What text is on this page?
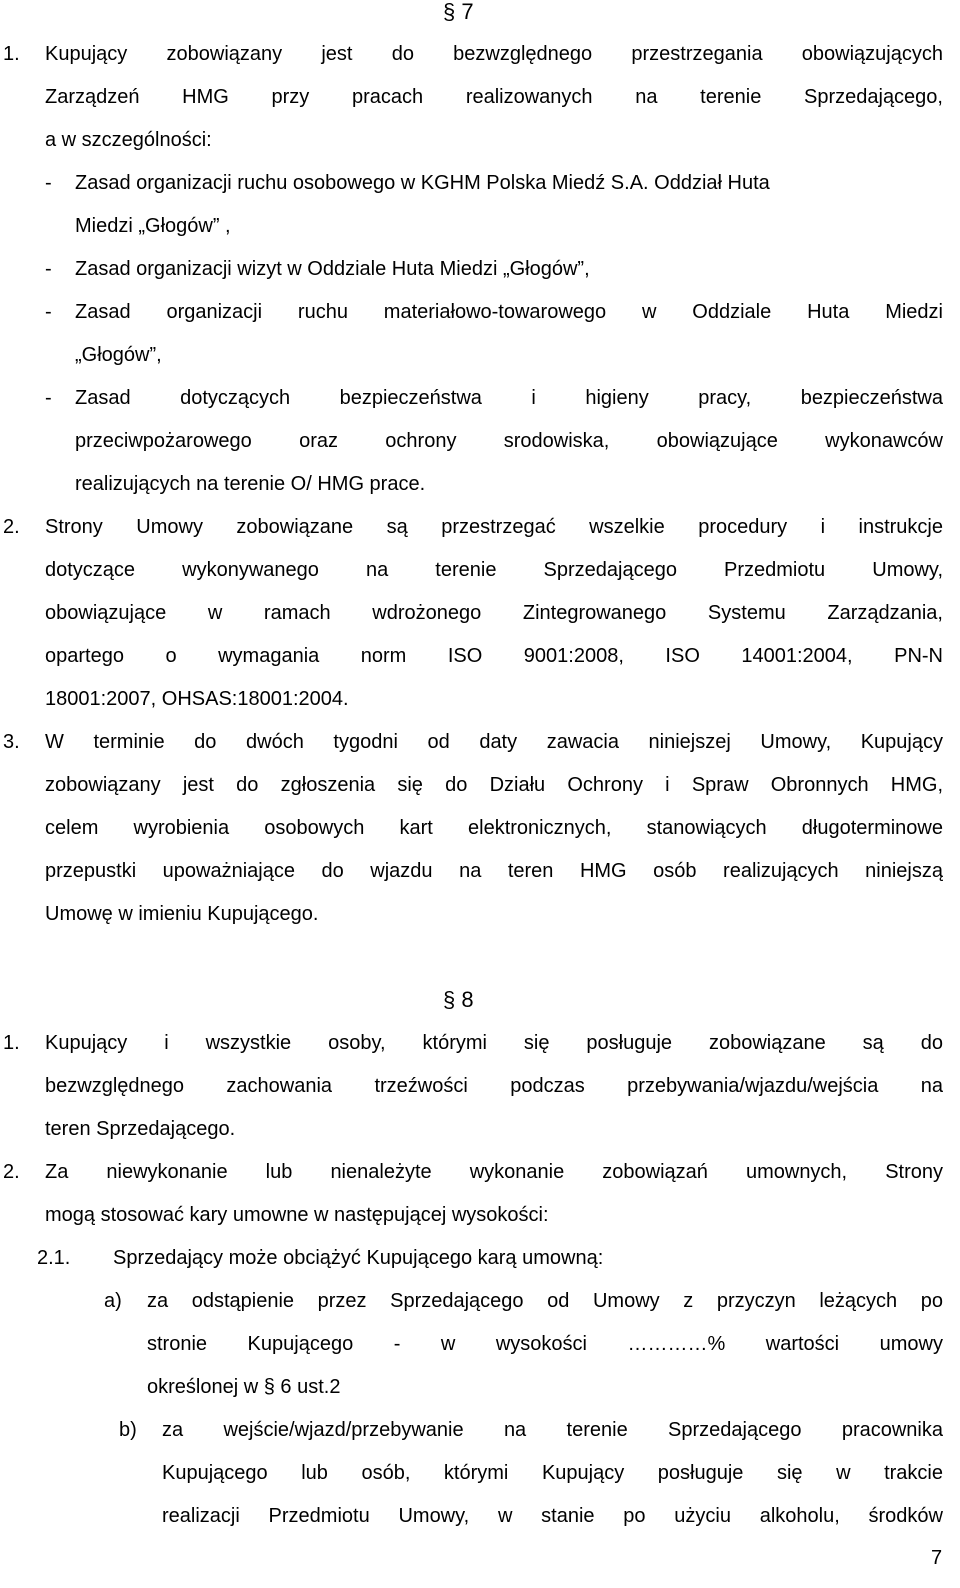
§ 7
1. Kupujący zobowiązany jest do bezwzględnego przestrzegania obowiązujących
Zarządzeń HMG przy pracach realizowanych na terenie Sprzedającego,
a w szczególności:
- Zasad organizacji ruchu osobowego w KGHM Polska Miedź S.A. Oddział Huta
Miedzi „Głogów” ,
- Zasad organizacji wizyt w Oddziale Huta Miedzi „Głogów”,
- Zasad organizacji ruchu materiałowo-towarowego w Oddziale Huta Miedzi
„Głogów”,
- Zasad dotyczących bezpieczeństwa i higieny pracy, bezpieczeństwa
przeciwpożarowego oraz ochrony srodowiska, obowiązujące wykonawców
realizujących na terenie O/ HMG prace.
2. Strony Umowy zobowiązane są przestrzegać wszelkie procedury i instrukcje
dotyczące wykonywanego na terenie Sprzedającego Przedmiotu Umowy,
obowiązujące w ramach wdrożonego Zintegrowanego Systemu Zarządzania,
opartego o wymagania norm ISO 9001:2008, ISO 14001:2004, PN-N
18001:2007, OHSAS:18001:2004.
3. W terminie do dwóch tygodni od daty zawacia niniejszej Umowy, Kupujący
zobowiązany jest do zgłoszenia się do Działu Ochrony i Spraw Obronnych HMG,
celem wyrobienia osobowych kart elektronicznych, stanowiących długoterminowe
przepustki upoważniające do wjazdu na teren HMG osób realizujących niniejszą
Umowę w imieniu Kupującego.
§ 8
1. Kupujący i wszystkie osoby, którymi się posługuje zobowiązane są do
bezwzględnego zachowania trzeźwości podczas przebywania/wjazdu/wejścia na
teren Sprzedającego.
2. Za niewykonanie lub nienależyte wykonanie zobowiązań umownych, Strony
mogą stosować kary umowne w następującej wysokości:
2.1. Sprzedający może obciążyć Kupującego karą umowną:
a) za odstąpienie przez Sprzedającego od Umowy z przyczyn leżących po
stronie Kupującego - w wysokości …………% wartości umowy
określonej w § 6 ust.2
b) za wejście/wjazd/przebywanie na terenie Sprzedającego pracownika
Kupującego lub osób, którymi Kupujący posługuje się w trakcie
realizacji Przedmiotu Umowy, w stanie po użyciu alkoholu, środków
7
